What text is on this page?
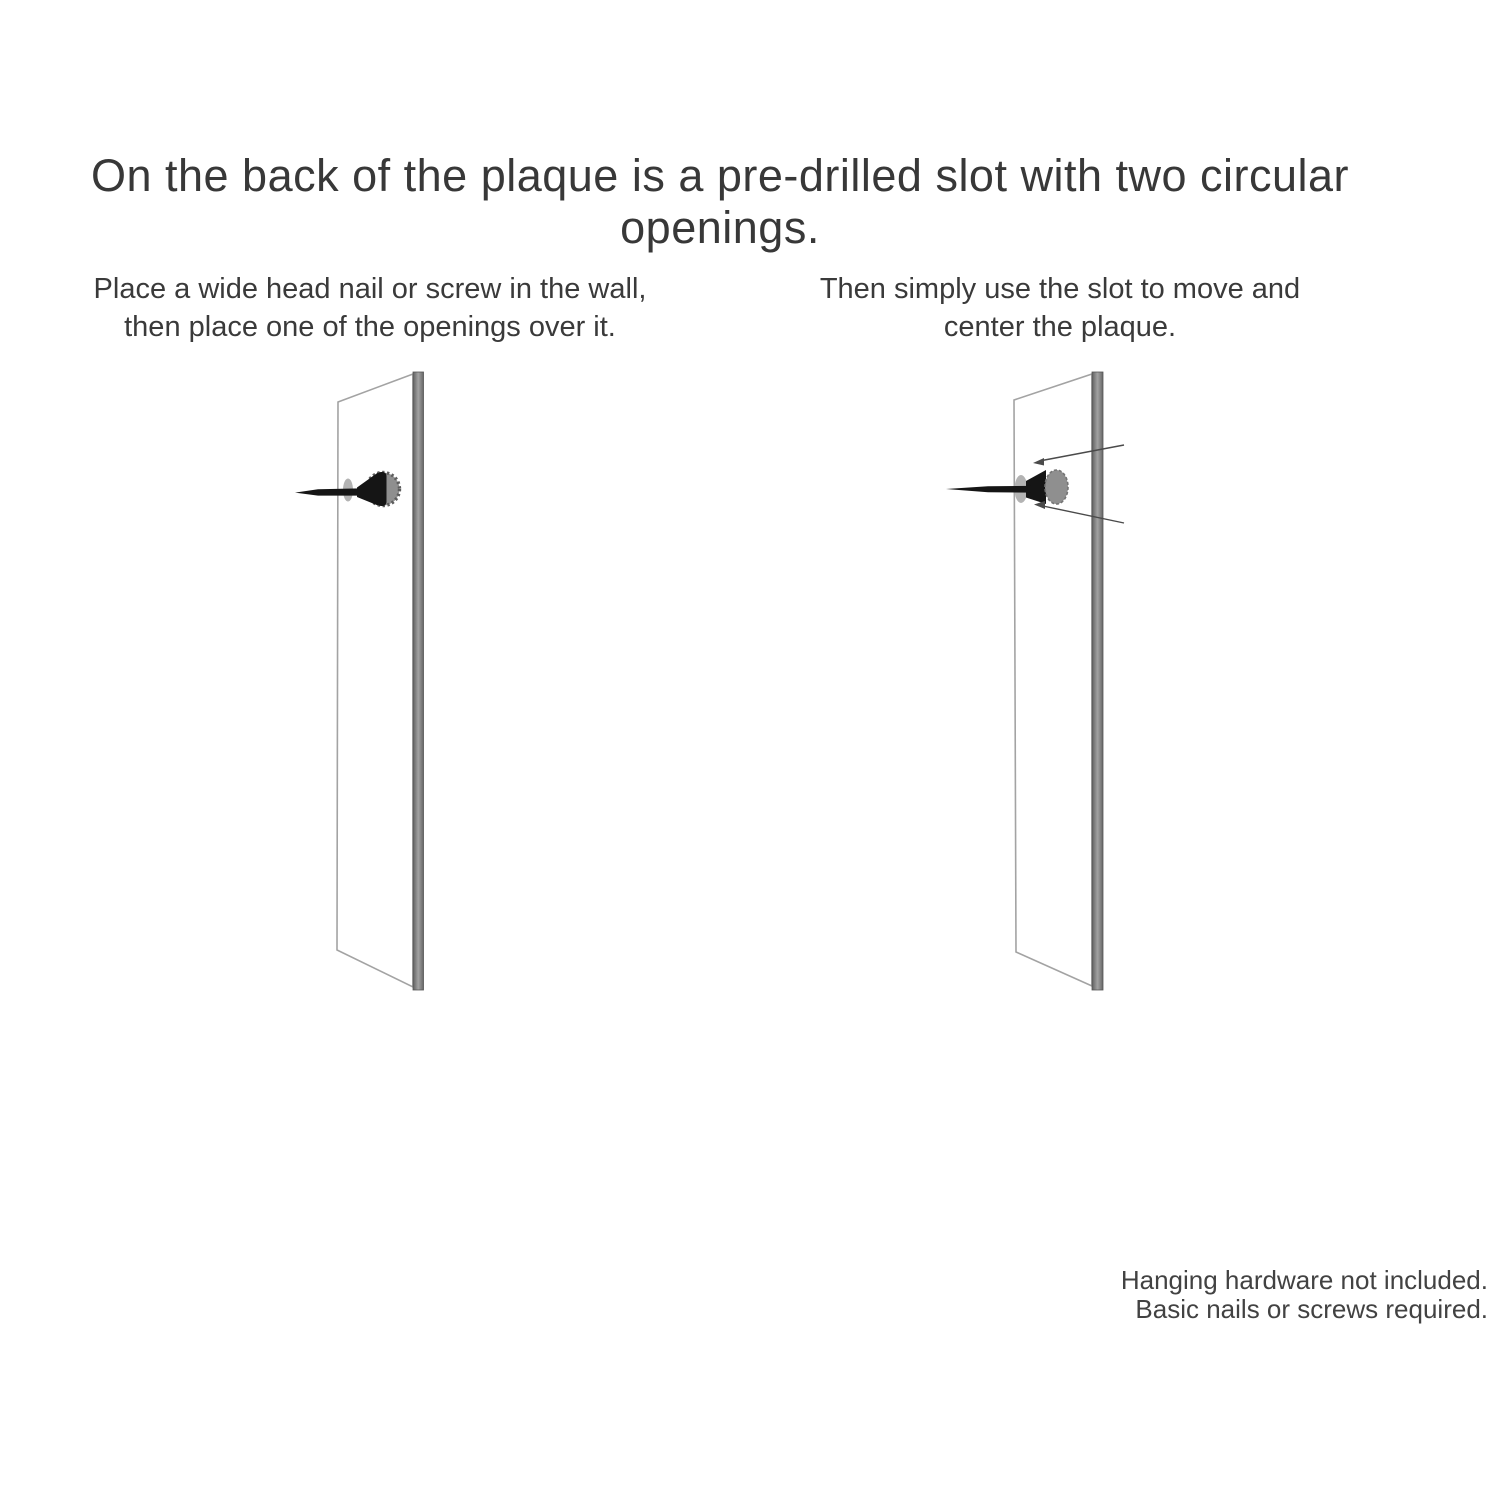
On the back of the plaque is a pre-drilled slot with two circular openings.

Place a wide head nail or screw in the wall,
then place one of the openings over it.

Then simply use the slot to move and
center the plaque.

Hanging hardware not included.
Basic nails or screws required.
